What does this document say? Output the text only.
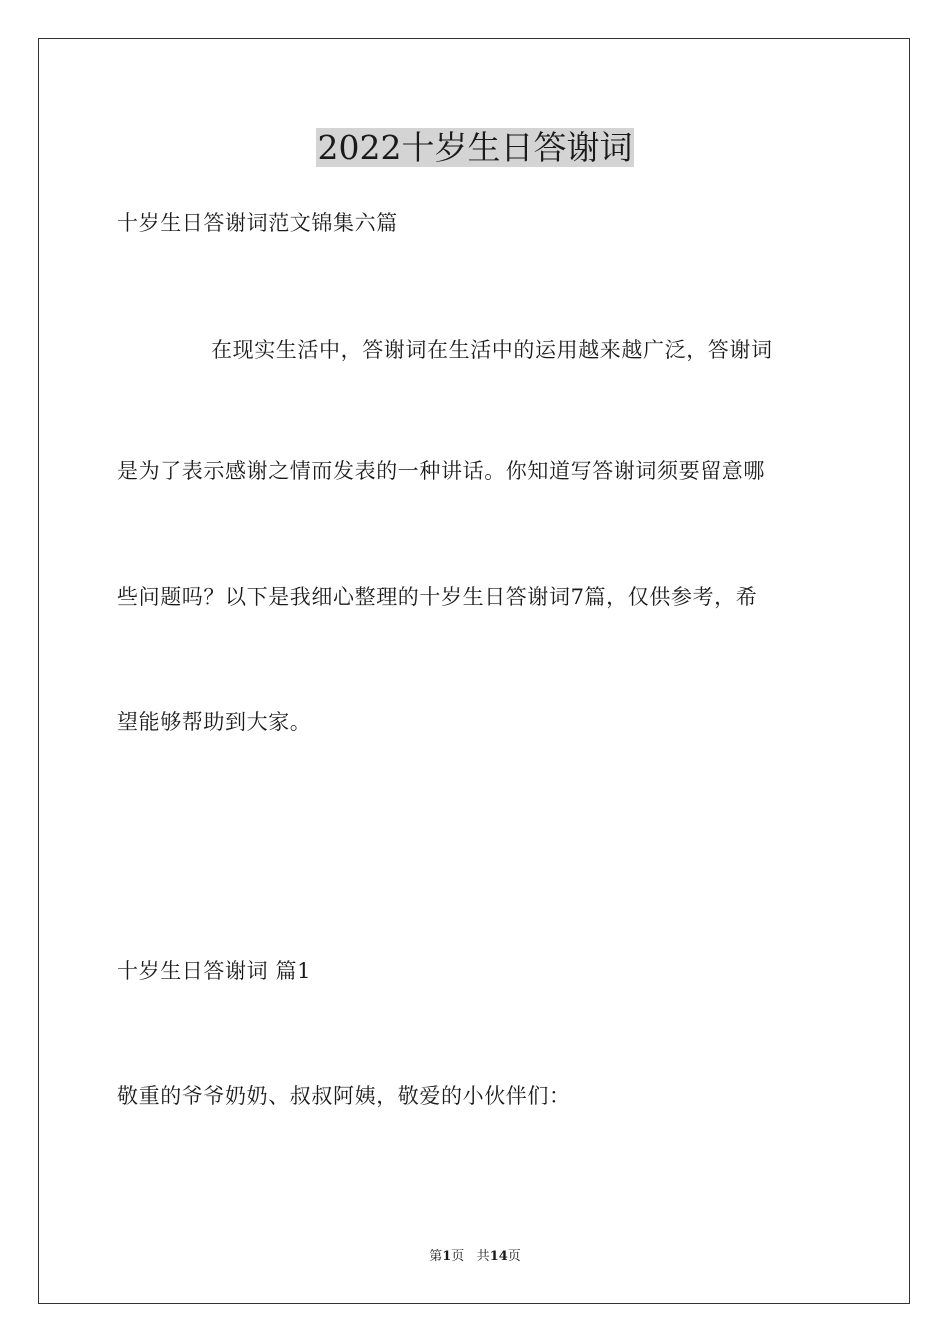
2022十岁生日答谢词
十岁生日答谢词范文锦集六篇
在现实生活中，答谢词在生活中的运用越来越广泛，答谢词
是为了表示感谢之情而发表的一种讲话。你知道写答谢词须要留意哪
些问题吗？以下是我细心整理的十岁生日答谢词7篇，仅供参考，希
望能够帮助到大家。
十岁生日答谢词 篇1
敬重的爷爷奶奶、叔叔阿姨，敬爱的小伙伴们：
第1页 共14页
